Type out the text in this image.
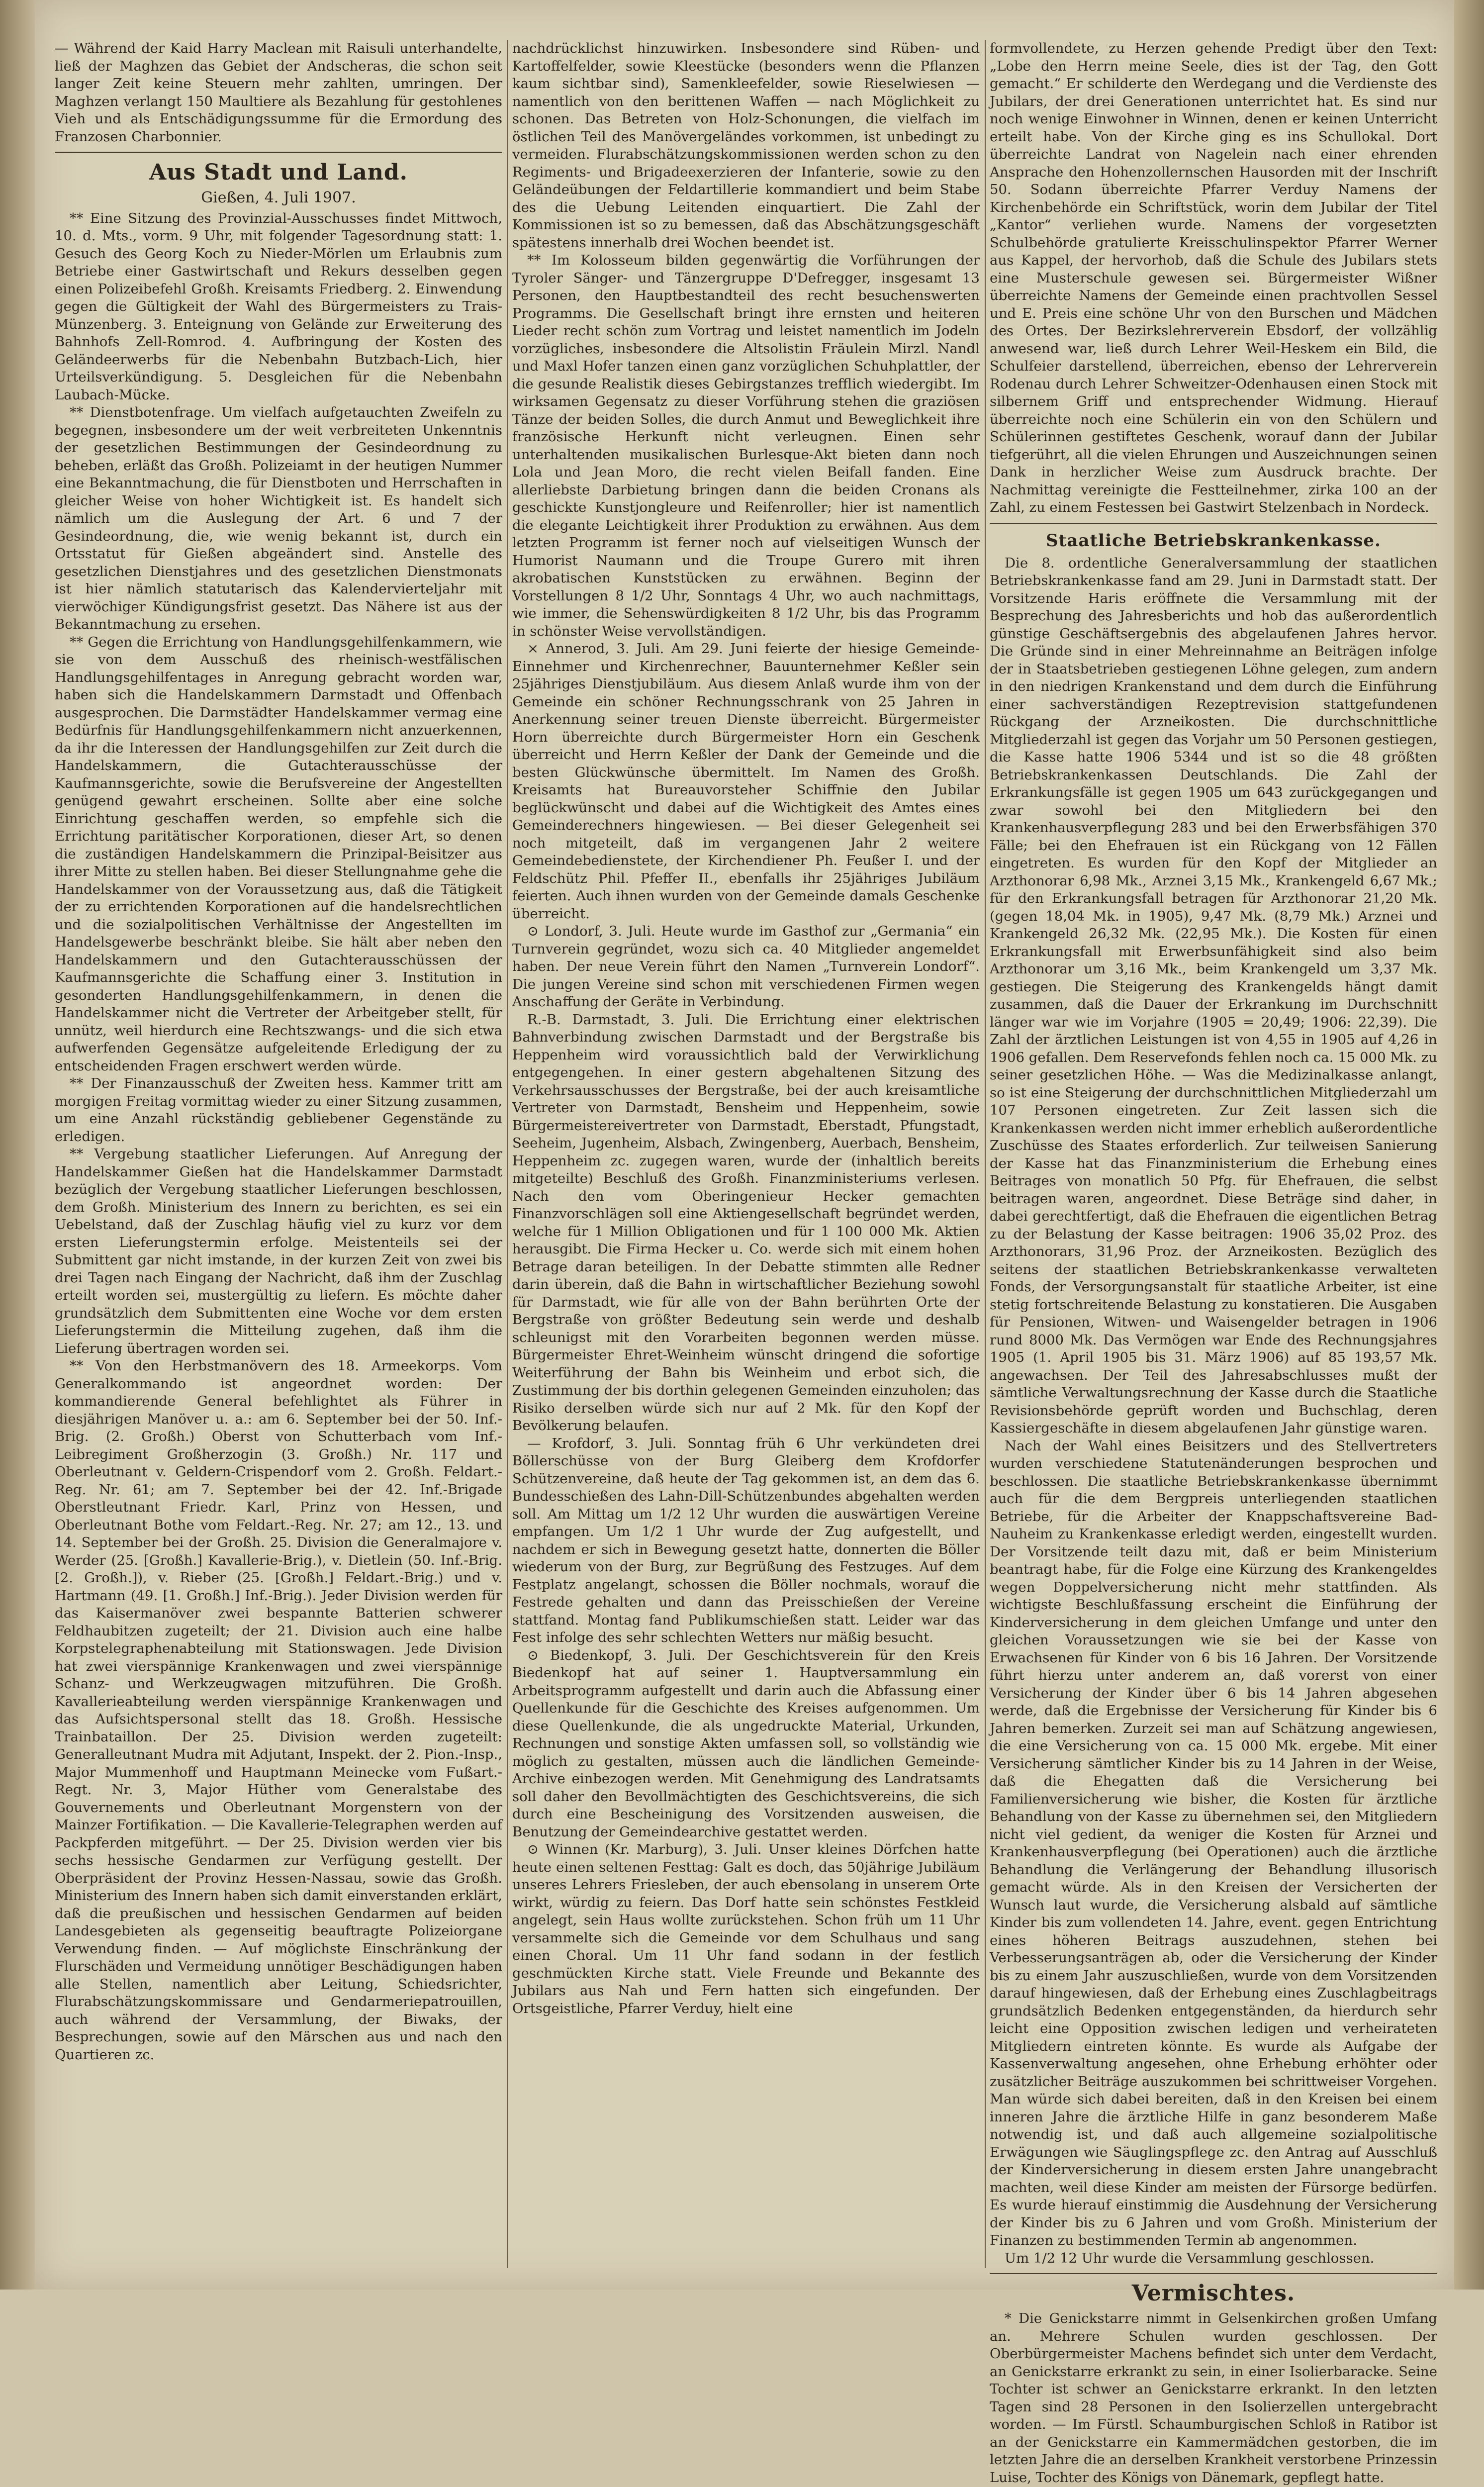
— Während der Kaid Harry Maclean mit Raisuli unterhandelte, ließ der Maghzen das Gebiet der Andscheras, die schon seit langer Zeit keine Steuern mehr zahlten, umringen. Der Maghzen verlangt 150 Maultiere als Bezahlung für gestohlenes Vieh und als Entschädigungssumme für die Ermordung des Franzosen Charbonnier.

Aus Stadt und Land.
Gießen, 4. Juli 1907.

** Eine Sitzung des Provinzial-Ausschusses findet Mittwoch, 10. d. Mts., vorm. 9 Uhr, mit folgender Tagesordnung statt: 1. Gesuch des Georg Koch zu Nieder-Mörlen um Erlaubnis zum Betriebe einer Gastwirtschaft und Rekurs desselben gegen einen Polizeibefehl Großh. Kreisamts Friedberg. 2. Einwendung gegen die Gültigkeit der Wahl des Bürgermeisters zu Trais-Münzenberg. 3. Enteignung von Gelände zur Erweiterung des Bahnhofs Zell-Romrod. 4. Aufbringung der Kosten des Geländeerwerbs für die Nebenbahn Butzbach-Lich, hier Urteilsverkündigung. 5. Desgleichen für die Nebenbahn Laubach-Mücke.

** Dienstbotenfrage. Um vielfach aufgetauchten Zweifeln zu begegnen, insbesondere um der weit verbreiteten Unkenntnis der gesetzlichen Bestimmungen der Gesindeordnung zu beheben, erläßt das Großh. Polizeiamt in der heutigen Nummer eine Bekanntmachung, die für Dienstboten und Herrschaften in gleicher Weise von hoher Wichtigkeit ist. Es handelt sich nämlich um die Auslegung der Art. 6 und 7 der Gesindeordnung, die, wie wenig bekannt ist, durch ein Ortsstatut für Gießen abgeändert sind. Anstelle des gesetzlichen Dienstjahres und des gesetzlichen Dienstmonats ist hier nämlich statutarisch das Kalendervierteljahr mit vierwöchiger Kündigungsfrist gesetzt. Das Nähere ist aus der Bekanntmachung zu ersehen.

** Gegen die Errichtung von Handlungsgehilfenkammern, wie sie von dem Ausschuß des rheinisch-westfälischen Handlungsgehilfentages in Anregung gebracht worden war, haben sich die Handelskammern Darmstadt und Offenbach ausgesprochen. Die Darmstädter Handelskammer vermag eine Bedürfnis für Handlungsgehilfenkammern nicht anzuerkennen, da ihr die Interessen der Handlungsgehilfen zur Zeit durch die Handelskammern, die Gutachterausschüsse der Kaufmannsgerichte, sowie die Berufsvereine der Angestellten genügend gewahrt erscheinen. Sollte aber eine solche Einrichtung geschaffen werden, so empfehle sich die Errichtung paritätischer Korporationen, dieser Art, so denen die zuständigen Handelskammern die Prinzipal-Beisitzer aus ihrer Mitte zu stellen haben. Bei dieser Stellungnahme gehe die Handelskammer von der Voraussetzung aus, daß die Tätigkeit der zu errichtenden Korporationen auf die handelsrechtlichen und die sozialpolitischen Verhältnisse der Angestellten im Handelsgewerbe beschränkt bleibe. Sie hält aber neben den Handelskammern und den Gutachterausschüssen der Kaufmannsgerichte die Schaffung einer 3. Institution in gesonderten Handlungsgehilfenkammern, in denen die Handelskammer nicht die Vertreter der Arbeitgeber stellt, für unnütz, weil hierdurch eine Rechtszwangs- und die sich etwa aufwerfenden Gegensätze aufgeleitende Erledigung der zu entscheidenden Fragen erschwert werden würde.

** Der Finanzausschuß der Zweiten hess. Kammer tritt am morgigen Freitag vormittag wieder zu einer Sitzung zusammen, um eine Anzahl rückständig gebliebener Gegenstände zu erledigen.

** Vergebung staatlicher Lieferungen. Auf Anregung der Handelskammer Gießen hat die Handelskammer Darmstadt bezüglich der Vergebung staatlicher Lieferungen beschlossen, dem Großh. Ministerium des Innern zu berichten, es sei ein Uebelstand, daß der Zuschlag häufig viel zu kurz vor dem ersten Lieferungstermin erfolge. Meistenteils sei der Submittent gar nicht imstande, in der kurzen Zeit von zwei bis drei Tagen nach Eingang der Nachricht, daß ihm der Zuschlag erteilt worden sei, mustergültig zu liefern. Es möchte daher grundsätzlich dem Submittenten eine Woche vor dem ersten Lieferungstermin die Mitteilung zugehen, daß ihm die Lieferung übertragen worden sei.

** Von den Herbstmanövern des 18. Armeekorps. Vom Generalkommando ist angeordnet worden: Der kommandierende General befehlightet als Führer in diesjährigen Manöver u. a.: am 6. September bei der 50. Inf.-Brig. (2. Großh.) Oberst von Schutterbach vom Inf.-Leibregiment Großherzogin (3. Großh.) Nr. 117 und Oberleutnant v. Geldern-Crispendorf vom 2. Großh. Feldart.-Reg. Nr. 61; am 7. September bei der 42. Inf.-Brigade Oberstleutnant Friedr. Karl, Prinz von Hessen, und Oberleutnant Bothe vom Feldart.-Reg. Nr. 27; am 12., 13. und 14. September bei der Großh. 25. Division die Generalmajore v. Werder (25. [Großh.] Kavallerie-Brig.), v. Dietlein (50. Inf.-Brig. [2. Großh.]), v. Rieber (25. [Großh.] Feldart.-Brig.) und v. Hartmann (49. [1. Großh.] Inf.-Brig.). Jeder Division werden für das Kaisermanöver zwei bespannte Batterien schwerer Feldhaubitzen zugeteilt; der 21. Division auch eine halbe Korpstelegraphenabteilung mit Stationswagen. Jede Division hat zwei vierspännige Krankenwagen und zwei vierspännige Schanz- und Werkzeugwagen mitzuführen. Die Großh. Kavallerieabteilung werden vierspännige Krankenwagen und das Aufsichtspersonal stellt das 18. Großh. Hessische Trainbataillon. Der 25. Division werden zugeteilt: Generalleutnant Mudra mit Adjutant, Inspekt. der 2. Pion.-Insp., Major Mummenhoff und Hauptmann Meinecke vom Fußart.-Regt. Nr. 3, Major Hüther vom Generalstabe des Gouvernements und Oberleutnant Morgenstern von der Mainzer Fortifikation. — Die Kavallerie-Telegraphen werden auf Packpferden mitgeführt. — Der 25. Division werden vier bis sechs hessische Gendarmen zur Verfügung gestellt. Der Oberpräsident der Provinz Hessen-Nassau, sowie das Großh. Ministerium des Innern haben sich damit einverstanden erklärt, daß die preußischen und hessischen Gendarmen auf beiden Landesgebieten als gegenseitig beauftragte Polizeiorgane Verwendung finden. — Auf möglichste Einschränkung der Flurschäden und Vermeidung unnötiger Beschädigungen haben alle Stellen, namentlich aber Leitung, Schiedsrichter, Flurabschätzungskommissare und Gendarmeriepatrouillen, auch während der Versammlung, der Biwaks, der Besprechungen, sowie auf den Märschen aus und nach den Quartieren zc.

nachdrücklichst hinzuwirken. Insbesondere sind Rüben- und Kartoffelfelder, sowie Kleestücke (besonders wenn die Pflanzen kaum sichtbar sind), Samenkleefelder, sowie Rieselwiesen — namentlich von den berittenen Waffen — nach Möglichkeit zu schonen. Das Betreten von Holz-Schonungen, die vielfach im östlichen Teil des Manövergeländes vorkommen, ist unbedingt zu vermeiden. Flurabschätzungskommissionen werden schon zu den Regiments- und Brigadeexerzieren der Infanterie, sowie zu den Geländeübungen der Feldartillerie kommandiert und beim Stabe des die Uebung Leitenden einquartiert. Die Zahl der Kommissionen ist so zu bemessen, daß das Abschätzungsgeschäft spätestens innerhalb drei Wochen beendet ist.

** Im Kolosseum bilden gegenwärtig die Vorführungen der Tyroler Sänger- und Tänzergruppe D'Defregger, insgesamt 13 Personen, den Hauptbestandteil des recht besuchenswerten Programms. Die Gesellschaft bringt ihre ernsten und heiteren Lieder recht schön zum Vortrag und leistet namentlich im Jodeln vorzügliches, insbesondere die Altsolistin Fräulein Mirzl. Nandl und Maxl Hofer tanzen einen ganz vorzüglichen Schuhplattler, der die gesunde Realistik dieses Gebirgstanzes trefflich wiedergibt. Im wirksamen Gegensatz zu dieser Vorführung stehen die graziösen Tänze der beiden Solles, die durch Anmut und Beweglichkeit ihre französische Herkunft nicht verleugnen. Einen sehr unterhaltenden musikalischen Burlesque-Akt bieten dann noch Lola und Jean Moro, die recht vielen Beifall fanden. Eine allerliebste Darbietung bringen dann die beiden Cronans als geschickte Kunstjongleure und Reifenroller; hier ist namentlich die elegante Leichtigkeit ihrer Produktion zu erwähnen. Aus dem letzten Programm ist ferner noch auf vielseitigen Wunsch der Humorist Naumann und die Troupe Gurero mit ihren akrobatischen Kunststücken zu erwähnen. Beginn der Vorstellungen 8 1/2 Uhr, Sonntags 4 Uhr, wo auch nachmittags, wie immer, die Sehenswürdigkeiten 8 1/2 Uhr, bis das Programm in schönster Weise vervollständigen.

× Annerod, 3. Juli. Am 29. Juni feierte der hiesige Gemeinde-Einnehmer und Kirchenrechner, Bauunternehmer Keßler sein 25jähriges Dienstjubiläum. Aus diesem Anlaß wurde ihm von der Gemeinde ein schöner Rechnungsschrank von 25 Jahren in Anerkennung seiner treuen Dienste überreicht. Bürgermeister Horn überreichte durch Bürgermeister Horn ein Geschenk überreicht und Herrn Keßler der Dank der Gemeinde und die besten Glückwünsche übermittelt. Im Namen des Großh. Kreisamts hat Bureauvorsteher Schiffnie den Jubilar beglückwünscht und dabei auf die Wichtigkeit des Amtes eines Gemeinderechners hingewiesen. — Bei dieser Gelegenheit sei noch mitgeteilt, daß im vergangenen Jahr 2 weitere Gemeindebedienstete, der Kirchendiener Ph. Feußer I. und der Feldschütz Phil. Pfeffer II., ebenfalls ihr 25jähriges Jubiläum feierten. Auch ihnen wurden von der Gemeinde damals Geschenke überreicht.

⊙ Londorf, 3. Juli. Heute wurde im Gasthof zur „Germania“ ein Turnverein gegründet, wozu sich ca. 40 Mitglieder angemeldet haben. Der neue Verein führt den Namen „Turnverein Londorf“. Die jungen Vereine sind schon mit verschiedenen Firmen wegen Anschaffung der Geräte in Verbindung.

R.-B. Darmstadt, 3. Juli. Die Errichtung einer elektrischen Bahnverbindung zwischen Darmstadt und der Bergstraße bis Heppenheim wird voraussichtlich bald der Verwirklichung entgegengehen. In einer gestern abgehaltenen Sitzung des Verkehrsausschusses der Bergstraße, bei der auch kreisamtliche Vertreter von Darmstadt, Bensheim und Heppenheim, sowie Bürgermeistereivertreter von Darmstadt, Eberstadt, Pfungstadt, Seeheim, Jugenheim, Alsbach, Zwingenberg, Auerbach, Bensheim, Heppenheim zc. zugegen waren, wurde der (inhaltlich bereits mitgeteilte) Beschluß des Großh. Finanzministeriums verlesen. Nach den vom Oberingenieur Hecker gemachten Finanzvorschlägen soll eine Aktiengesellschaft begründet werden, welche für 1 Million Obligationen und für 1 100 000 Mk. Aktien herausgibt. Die Firma Hecker u. Co. werde sich mit einem hohen Betrage daran beteiligen. In der Debatte stimmten alle Redner darin überein, daß die Bahn in wirtschaftlicher Beziehung sowohl für Darmstadt, wie für alle von der Bahn berührten Orte der Bergstraße von größter Bedeutung sein werde und deshalb schleunigst mit den Vorarbeiten begonnen werden müsse. Bürgermeister Ehret-Weinheim wünscht dringend die sofortige Weiterführung der Bahn bis Weinheim und erbot sich, die Zustimmung der bis dorthin gelegenen Gemeinden einzuholen; das Risiko derselben würde sich nur auf 2 Mk. für den Kopf der Bevölkerung belaufen.

— Krofdorf, 3. Juli. Sonntag früh 6 Uhr verkündeten drei Böllerschüsse von der Burg Gleiberg dem Krofdorfer Schützenvereine, daß heute der Tag gekommen ist, an dem das 6. Bundesschießen des Lahn-Dill-Schützenbundes abgehalten werden soll. Am Mittag um 1/2 12 Uhr wurden die auswärtigen Vereine empfangen. Um 1/2 1 Uhr wurde der Zug aufgestellt, und nachdem er sich in Bewegung gesetzt hatte, donnerten die Böller wiederum von der Burg, zur Begrüßung des Festzuges. Auf dem Festplatz angelangt, schossen die Böller nochmals, worauf die Festrede gehalten und dann das Preisschießen der Vereine stattfand. Montag fand Publikumschießen statt. Leider war das Fest infolge des sehr schlechten Wetters nur mäßig besucht.

⊙ Biedenkopf, 3. Juli. Der Geschichtsverein für den Kreis Biedenkopf hat auf seiner 1. Hauptversammlung ein Arbeitsprogramm aufgestellt und darin auch die Abfassung einer Quellenkunde für die Geschichte des Kreises aufgenommen. Um diese Quellenkunde, die als ungedruckte Material, Urkunden, Rechnungen und sonstige Akten umfassen soll, so vollständig wie möglich zu gestalten, müssen auch die ländlichen Gemeinde-Archive einbezogen werden. Mit Genehmigung des Landratsamts soll daher den Bevollmächtigten des Geschichtsvereins, die sich durch eine Bescheinigung des Vorsitzenden ausweisen, die Benutzung der Gemeindearchive gestattet werden.

⊙ Winnen (Kr. Marburg), 3. Juli. Unser kleines Dörfchen hatte heute einen seltenen Festtag: Galt es doch, das 50jährige Jubiläum unseres Lehrers Friesleben, der auch ebensolang in unserem Orte wirkt, würdig zu feiern. Das Dorf hatte sein schönstes Festkleid angelegt, sein Haus wollte zurückstehen. Schon früh um 11 Uhr versammelte sich die Gemeinde vor dem Schulhaus und sang einen Choral. Um 11 Uhr fand sodann in der festlich geschmückten Kirche statt. Viele Freunde und Bekannte des Jubilars aus Nah und Fern hatten sich eingefunden. Der Ortsgeistliche, Pfarrer Verduy, hielt eine

formvollendete, zu Herzen gehende Predigt über den Text: „Lobe den Herrn meine Seele, dies ist der Tag, den Gott gemacht.“ Er schilderte den Werdegang und die Verdienste des Jubilars, der drei Generationen unterrichtet hat. Es sind nur noch wenige Einwohner in Winnen, denen er keinen Unterricht erteilt habe. Von der Kirche ging es ins Schullokal. Dort überreichte Landrat von Nagelein nach einer ehrenden Ansprache den Hohenzollernschen Hausorden mit der Inschrift 50. Sodann überreichte Pfarrer Verduy Namens der Kirchenbehörde ein Schriftstück, worin dem Jubilar der Titel „Kantor“ verliehen wurde. Namens der vorgesetzten Schulbehörde gratulierte Kreisschulinspektor Pfarrer Werner aus Kappel, der hervorhob, daß die Schule des Jubilars stets eine Musterschule gewesen sei. Bürgermeister Wißner überreichte Namens der Gemeinde einen prachtvollen Sessel und E. Preis eine schöne Uhr von den Burschen und Mädchen des Ortes. Der Bezirkslehrerverein Ebsdorf, der vollzählig anwesend war, ließ durch Lehrer Weil-Heskem ein Bild, die Schulfeier darstellend, überreichen, ebenso der Lehrerverein Rodenau durch Lehrer Schweitzer-Odenhausen einen Stock mit silbernem Griff und entsprechender Widmung. Hierauf überreichte noch eine Schülerin ein von den Schülern und Schülerinnen gestiftetes Geschenk, worauf dann der Jubilar tiefgerührt, all die vielen Ehrungen und Auszeichnungen seinen Dank in herzlicher Weise zum Ausdruck brachte. Der Nachmittag vereinigte die Festteilnehmer, zirka 100 an der Zahl, zu einem Festessen bei Gastwirt Stelzenbach in Nordeck.

Staatliche Betriebskrankenkasse.

Die 8. ordentliche Generalversammlung der staatlichen Betriebskrankenkasse fand am 29. Juni in Darmstadt statt. Der Vorsitzende Haris eröffnete die Versammlung mit der Besprechung des Jahresberichts und hob das außerordentlich günstige Geschäftsergebnis des abgelaufenen Jahres hervor. Die Gründe sind in einer Mehreinnahme an Beiträgen infolge der in Staatsbetrieben gestiegenen Löhne gelegen, zum andern in den niedrigen Krankenstand und dem durch die Einführung einer sachverständigen Rezeptrevision stattgefundenen Rückgang der Arzneikosten. Die durchschnittliche Mitgliederzahl ist gegen das Vorjahr um 50 Personen gestiegen, die Kasse hatte 1906 5344 und ist so die 48 größten Betriebskrankenkassen Deutschlands. Die Zahl der Erkrankungsfälle ist gegen 1905 um 643 zurückgegangen und zwar sowohl bei den Mitgliedern bei den Krankenhausverpflegung 283 und bei den Erwerbsfähigen 370 Fälle; bei den Ehefrauen ist ein Rückgang von 12 Fällen eingetreten. Es wurden für den Kopf der Mitglieder an Arzthonorar 6,98 Mk., Arznei 3,15 Mk., Krankengeld 6,67 Mk.; für den Erkrankungsfall betragen für Arzthonorar 21,20 Mk. (gegen 18,04 Mk. in 1905), 9,47 Mk. (8,79 Mk.) Arznei und Krankengeld 26,32 Mk. (22,95 Mk.). Die Kosten für einen Erkrankungsfall mit Erwerbsunfähigkeit sind also beim Arzthonorar um 3,16 Mk., beim Krankengeld um 3,37 Mk. gestiegen. Die Steigerung des Krankengelds hängt damit zusammen, daß die Dauer der Erkrankung im Durchschnitt länger war wie im Vorjahre (1905 = 20,49; 1906: 22,39). Die Zahl der ärztlichen Leistungen ist von 4,55 in 1905 auf 4,26 in 1906 gefallen. Dem Reservefonds fehlen noch ca. 15 000 Mk. zu seiner gesetzlichen Höhe. — Was die Medizinalkasse anlangt, so ist eine Steigerung der durchschnittlichen Mitgliederzahl um 107 Personen eingetreten. Zur Zeit lassen sich die Krankenkassen werden nicht immer erheblich außerordentliche Zuschüsse des Staates erforderlich. Zur teilweisen Sanierung der Kasse hat das Finanzministerium die Erhebung eines Beitrages von monatlich 50 Pfg. für Ehefrauen, die selbst beitragen waren, angeordnet. Diese Beträge sind daher, in dabei gerechtfertigt, daß die Ehefrauen die eigentlichen Betrag zu der Belastung der Kasse beitragen: 1906 35,02 Proz. des Arzthonorars, 31,96 Proz. der Arzneikosten. Bezüglich des seitens der staatlichen Betriebskrankenkasse verwalteten Fonds, der Versorgungsanstalt für staatliche Arbeiter, ist eine stetig fortschreitende Belastung zu konstatieren. Die Ausgaben für Pensionen, Witwen- und Waisengelder betragen in 1906 rund 8000 Mk. Das Vermögen war Ende des Rechnungsjahres 1905 (1. April 1905 bis 31. März 1906) auf 85 193,57 Mk. angewachsen. Der Teil des Jahresabschlusses mußt der sämtliche Verwaltungsrechnung der Kasse durch die Staatliche Revisionsbehörde geprüft worden und Buchschlag, deren Kassiergeschäfte in diesem abgelaufenen Jahr günstige waren.

Nach der Wahl eines Beisitzers und des Stellvertreters wurden verschiedene Statutenänderungen besprochen und beschlossen. Die staatliche Betriebskrankenkasse übernimmt auch für die dem Bergpreis unterliegenden staatlichen Betriebe, für die Arbeiter der Knappschaftsvereine Bad-Nauheim zu Krankenkasse erledigt werden, eingestellt wurden. Der Vorsitzende teilt dazu mit, daß er beim Ministerium beantragt habe, für die Folge eine Kürzung des Krankengeldes wegen Doppelversicherung nicht mehr stattfinden. Als wichtigste Beschlußfassung erscheint die Einführung der Kinderversicherung in dem gleichen Umfange und unter den gleichen Voraussetzungen wie sie bei der Kasse von Erwachsenen für Kinder von 6 bis 16 Jahren. Der Vorsitzende führt hierzu unter anderem an, daß vorerst von einer Versicherung der Kinder über 6 bis 14 Jahren abgesehen werde, daß die Ergebnisse der Versicherung für Kinder bis 6 Jahren bemerken. Zurzeit sei man auf Schätzung angewiesen, die eine Versicherung von ca. 15 000 Mk. ergebe. Mit einer Versicherung sämtlicher Kinder bis zu 14 Jahren in der Weise, daß die Ehegatten daß die Versicherung bei Familienversicherung wie bisher, die Kosten für ärztliche Behandlung von der Kasse zu übernehmen sei, den Mitgliedern nicht viel gedient, da weniger die Kosten für Arznei und Krankenhausverpflegung (bei Operationen) auch die ärztliche Behandlung die Verlängerung der Behandlung illusorisch gemacht würde. Als in den Kreisen der Versicherten der Wunsch laut wurde, die Versicherung alsbald auf sämtliche Kinder bis zum vollendeten 14. Jahre, event. gegen Entrichtung eines höheren Beitrags auszudehnen, stehen bei Verbesserungsanträgen ab, oder die Versicherung der Kinder bis zu einem Jahr auszuschließen, wurde von dem Vorsitzenden darauf hingewiesen, daß der Erhebung eines Zuschlagbeitrags grundsätzlich Bedenken entgegenständen, da hierdurch sehr leicht eine Opposition zwischen ledigen und verheirateten Mitgliedern eintreten könnte. Es wurde als Aufgabe der Kassenverwaltung angesehen, ohne Erhebung erhöhter oder zusätzlicher Beiträge auszukommen bei schrittweiser Vorgehen. Man würde sich dabei bereiten, daß in den Kreisen bei einem inneren Jahre die ärztliche Hilfe in ganz besonderem Maße notwendig ist, und daß auch allgemeine sozialpolitische Erwägungen wie Säuglingspflege zc. den Antrag auf Ausschluß der Kinderversicherung in diesem ersten Jahre unangebracht machten, weil diese Kinder am meisten der Fürsorge bedürfen. Es wurde hierauf einstimmig die Ausdehnung der Versicherung der Kinder bis zu 6 Jahren und vom Großh. Ministerium der Finanzen zu bestimmenden Termin ab angenommen.

Um 1/2 12 Uhr wurde die Versammlung geschlossen.

Vermischtes.

* Die Genickstarre nimmt in Gelsenkirchen großen Umfang an. Mehrere Schulen wurden geschlossen. Der Oberbürgermeister Machens befindet sich unter dem Verdacht, an Genickstarre erkrankt zu sein, in einer Isolierbaracke. Seine Tochter ist schwer an Genickstarre erkrankt. In den letzten Tagen sind 28 Personen in den Isolierzellen untergebracht worden. — Im Fürstl. Schaumburgischen Schloß in Ratibor ist an der Genickstarre ein Kammermädchen gestorben, die im letzten Jahre die an derselben Krankheit verstorbene Prinzessin Luise, Tochter des Königs von Dänemark, gepflegt hatte.
